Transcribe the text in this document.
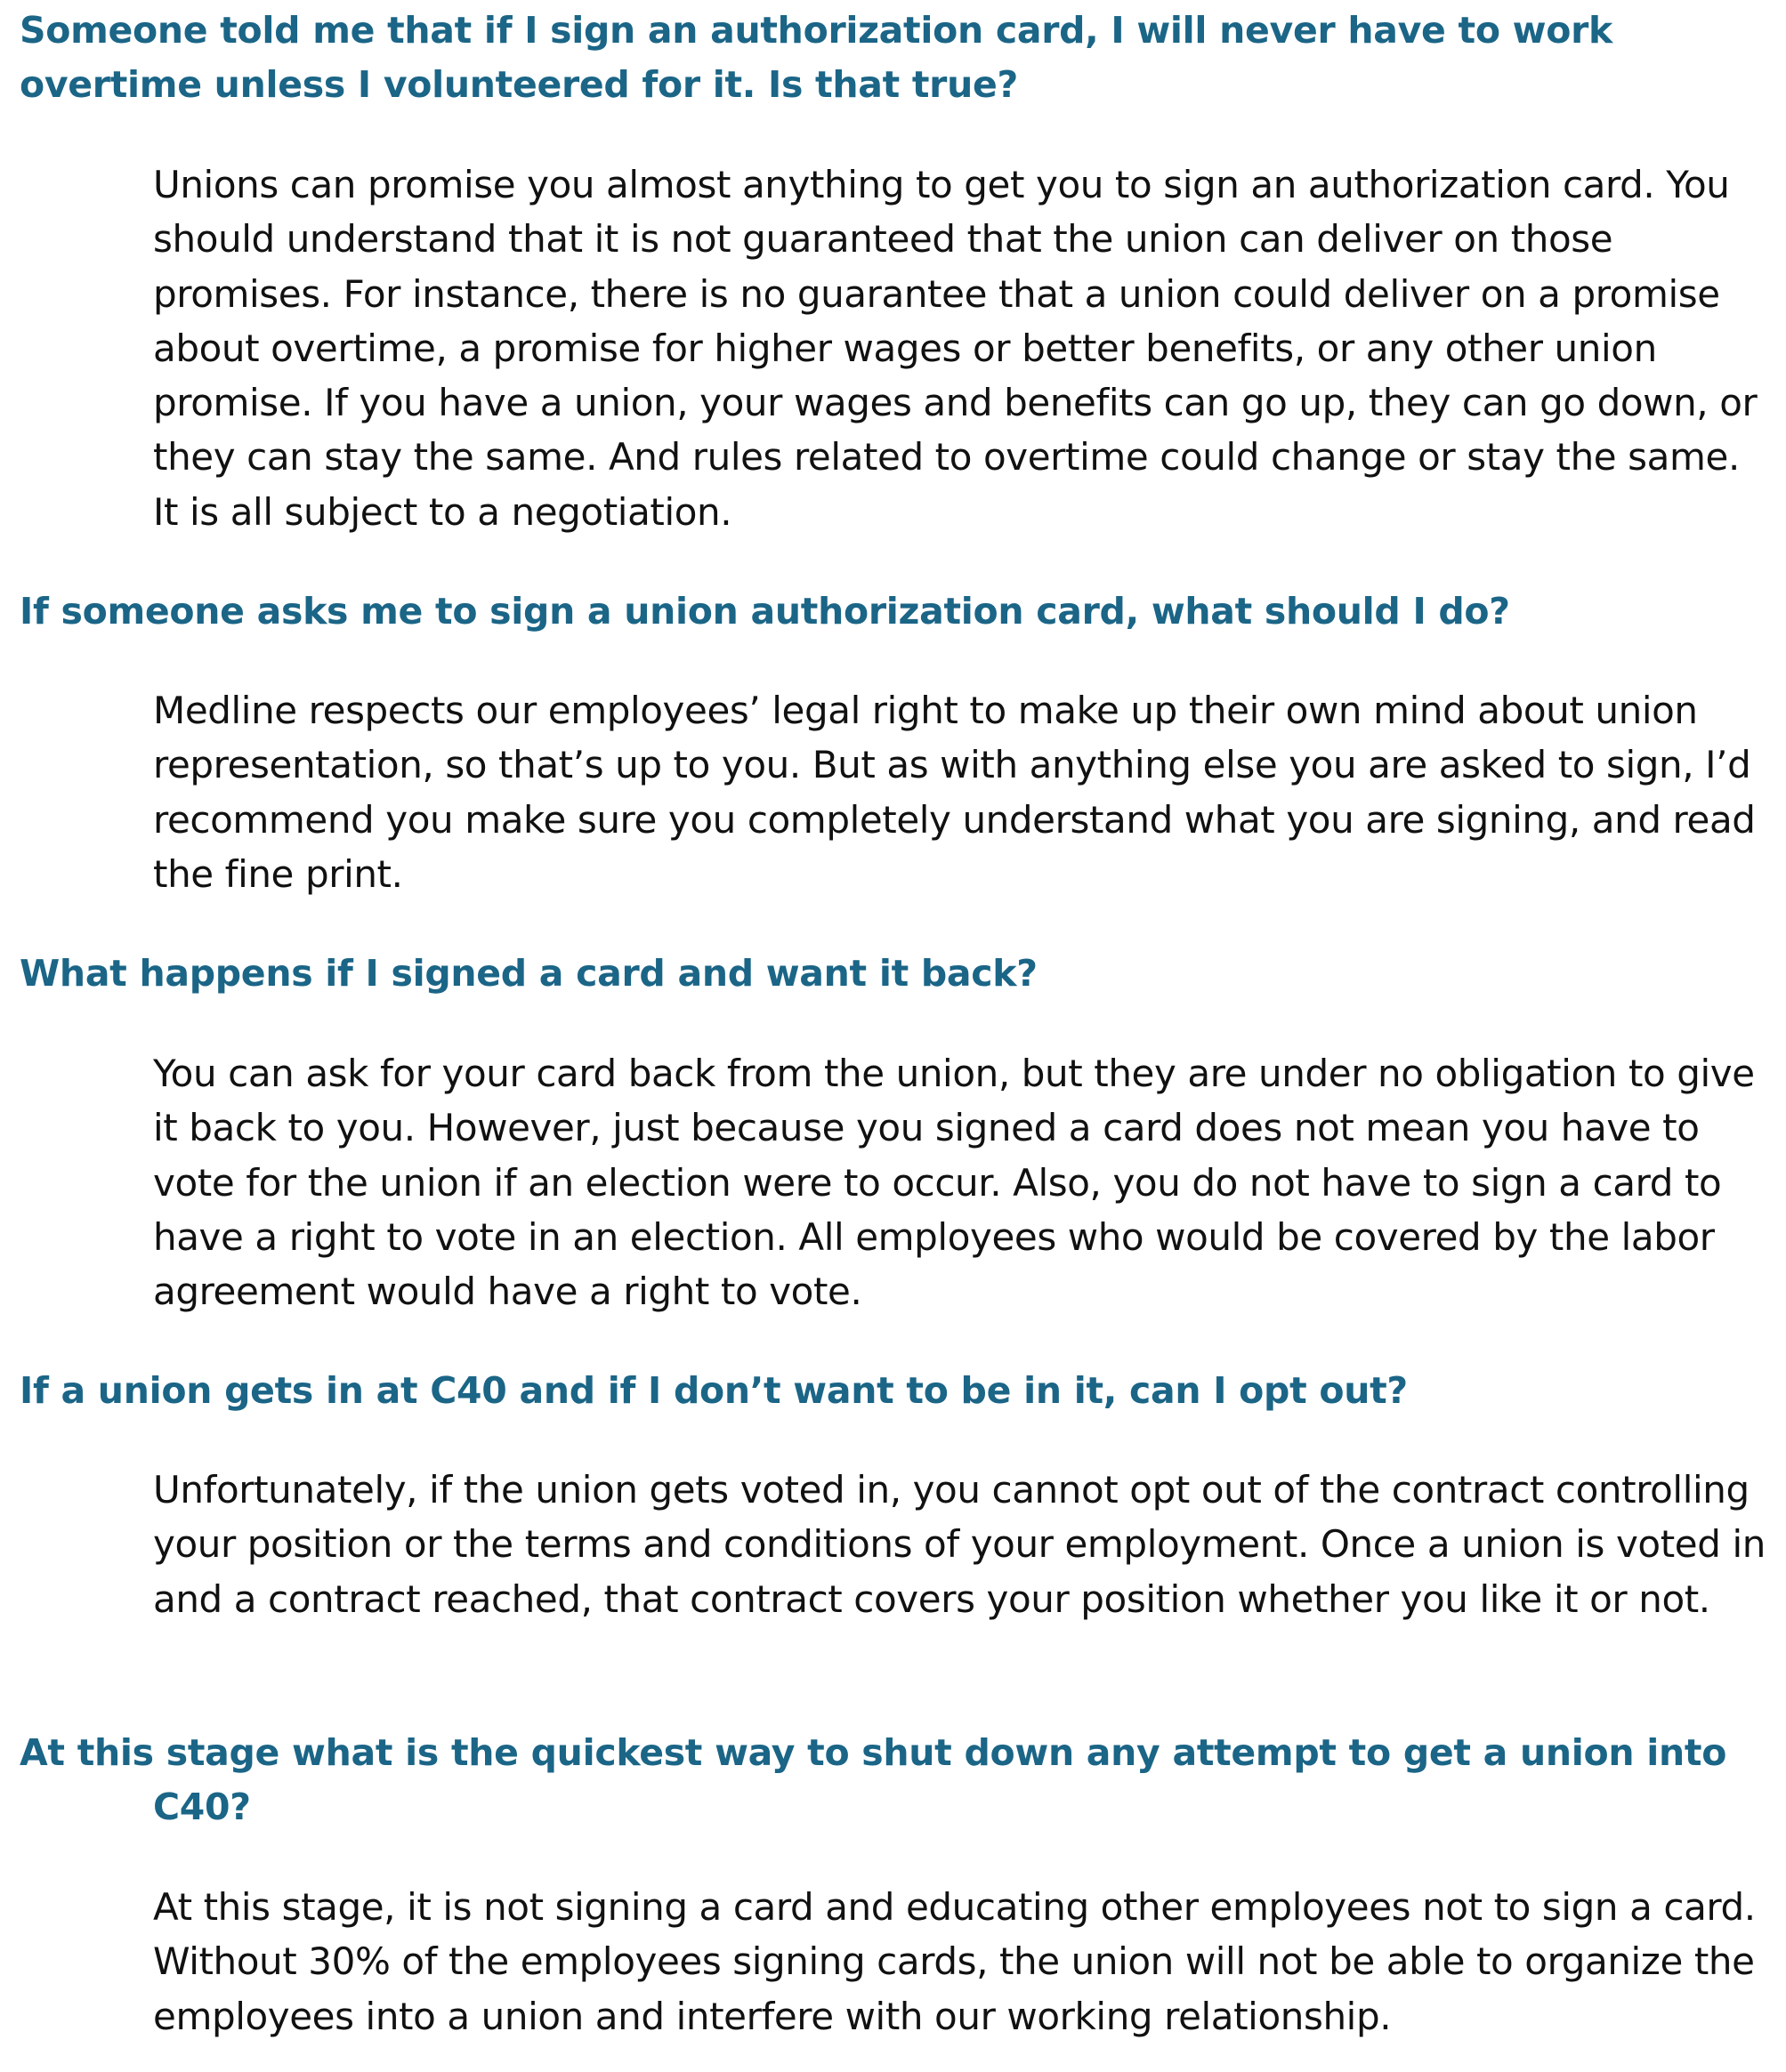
Someone told me that if I sign an authorization card, I will never have to work overtime unless I volunteered for it. Is that true?

Unions can promise you almost anything to get you to sign an authorization card. You should understand that it is not guaranteed that the union can deliver on those promises. For instance, there is no guarantee that a union could deliver on a promise about overtime, a promise for higher wages or better benefits, or any other union promise. If you have a union, your wages and benefits can go up, they can go down, or they can stay the same. And rules related to overtime could change or stay the same. It is all subject to a negotiation.

If someone asks me to sign a union authorization card, what should I do?

Medline respects our employees’ legal right to make up their own mind about union representation, so that’s up to you. But as with anything else you are asked to sign, I’d recommend you make sure you completely understand what you are signing, and read the fine print.

What happens if I signed a card and want it back?

You can ask for your card back from the union, but they are under no obligation to give it back to you. However, just because you signed a card does not mean you have to vote for the union if an election were to occur. Also, you do not have to sign a card to have a right to vote in an election. All employees who would be covered by the labor agreement would have a right to vote.

If a union gets in at C40 and if I don’t want to be in it, can I opt out?

Unfortunately, if the union gets voted in, you cannot opt out of the contract controlling your position or the terms and conditions of your employment. Once a union is voted in and a contract reached, that contract covers your position whether you like it or not.

At this stage what is the quickest way to shut down any attempt to get a union into C40?

At this stage, it is not signing a card and educating other employees not to sign a card. Without 30% of the employees signing cards, the union will not be able to organize the employees into a union and interfere with our working relationship.
